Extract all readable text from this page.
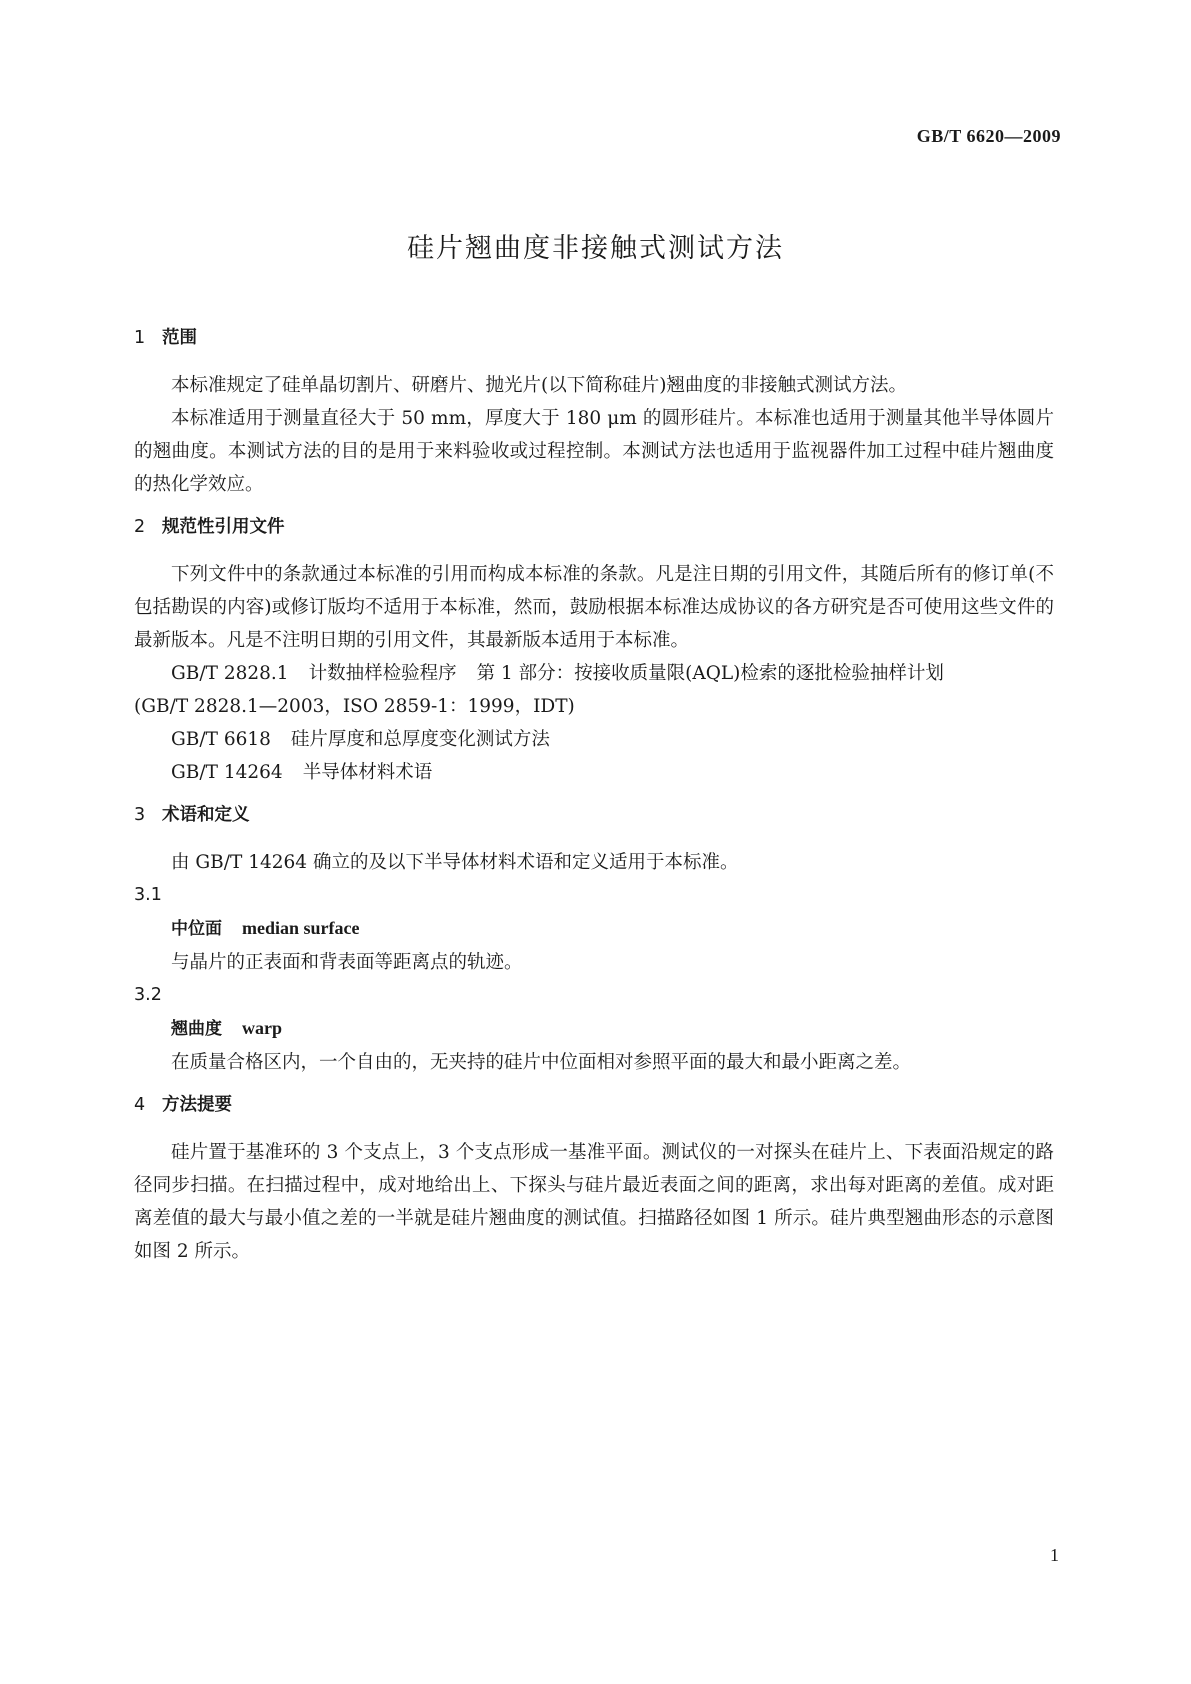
GB/T 6620—2009
硅片翘曲度非接触式测试方法
1 范围

本标准规定了硅单晶切割片、研磨片、抛光片(以下简称硅片)翘曲度的非接触式测试方法。

本标准适用于测量直径大于 50 mm，厚度大于 180 μm 的圆形硅片。本标准也适用于测量其他半导体圆片的翘曲度。本测试方法的目的是用于来料验收或过程控制。本测试方法也适用于监视器件加工过程中硅片翘曲度的热化学效应。

2 规范性引用文件

下列文件中的条款通过本标准的引用而构成本标准的条款。凡是注日期的引用文件，其随后所有的修订单(不包括勘误的内容)或修订版均不适用于本标准，然而，鼓励根据本标准达成协议的各方研究是否可使用这些文件的最新版本。凡是不注明日期的引用文件，其最新版本适用于本标准。

GB/T 2828.1 计数抽样检验程序 第 1 部分：按接收质量限(AQL)检索的逐批检验抽样计划
(GB/T 2828.1—2003，ISO 2859-1：1999，IDT)
GB/T 6618 硅片厚度和总厚度变化测试方法
GB/T 14264 半导体材料术语
3 术语和定义

由 GB/T 14264 确立的及以下半导体材料术语和定义适用于本标准。

3.1
中位面 median surface
与晶片的正表面和背表面等距离点的轨迹。
3.2
翘曲度 warp
在质量合格区内，一个自由的，无夹持的硅片中位面相对参照平面的最大和最小距离之差。
4 方法提要

硅片置于基准环的 3 个支点上，3 个支点形成一基准平面。测试仪的一对探头在硅片上、下表面沿规定的路径同步扫描。在扫描过程中，成对地给出上、下探头与硅片最近表面之间的距离，求出每对距离的差值。成对距离差值的最大与最小值之差的一半就是硅片翘曲度的测试值。扫描路径如图 1 所示。硅片典型翘曲形态的示意图如图 2 所示。

1
